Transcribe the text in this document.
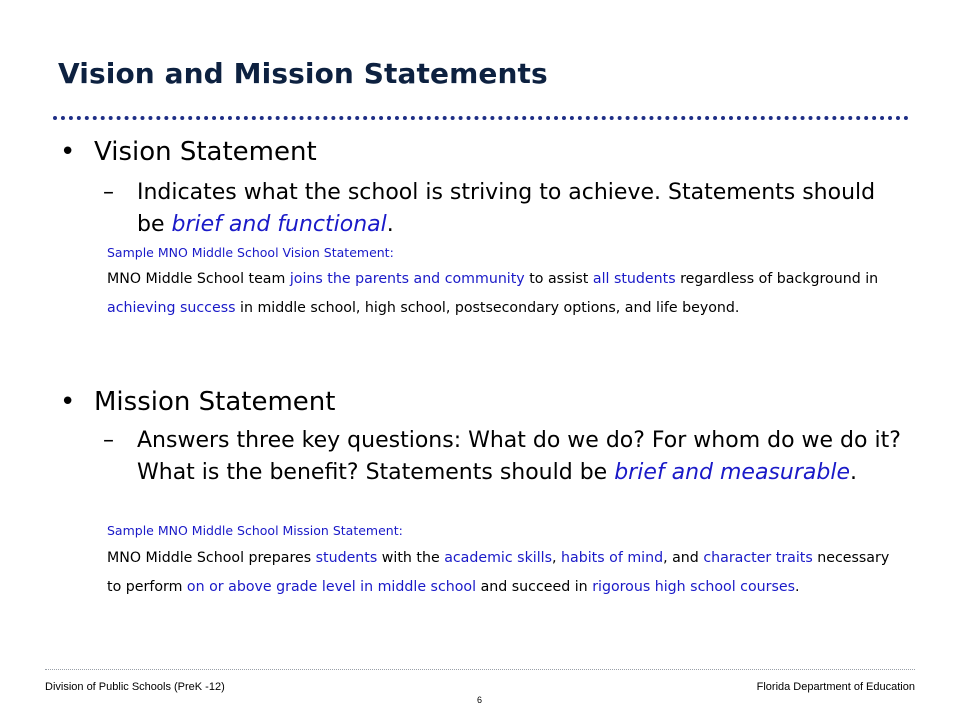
Vision and Mission Statements
• Vision Statement
– Indicates what the school is striving to achieve. Statements should be brief and functional.

Sample MNO Middle School Vision Statement:

MNO Middle School team joins the parents and community to assist all students regardless of background in achieving success in middle school, high school, postsecondary options, and life beyond.

• Mission Statement
– Answers three key questions: What do we do? For whom do we do it? What is the benefit? Statements should be brief and measurable.

Sample MNO Middle School Mission Statement:

MNO Middle School prepares students with the academic skills, habits of mind, and character traits necessary to perform on or above grade level in middle school and succeed in rigorous high school courses.

Division of Public Schools (PreK -12)

6

Florida Department of Education
